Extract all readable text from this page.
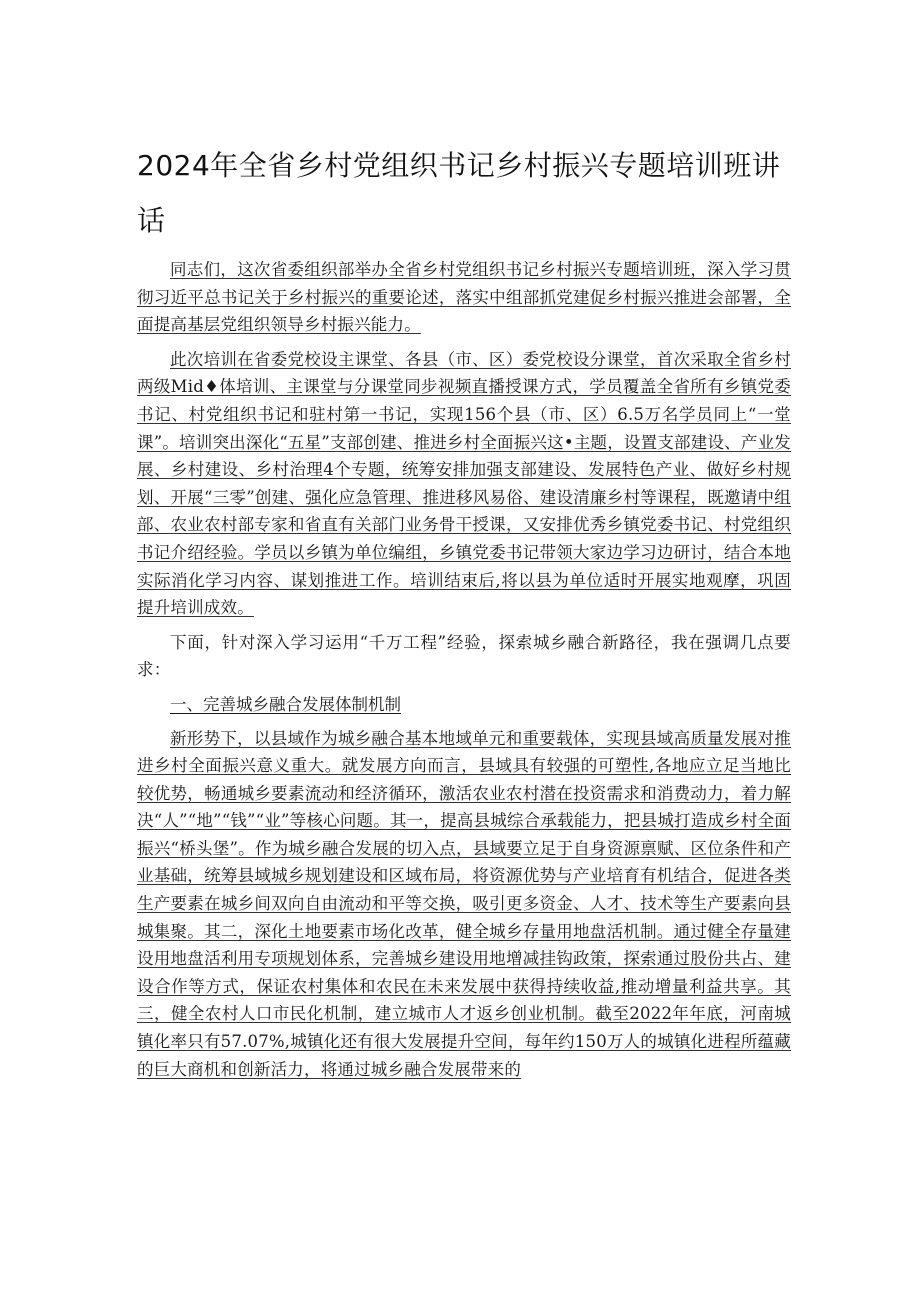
2024年全省乡村党组织书记乡村振兴专题培训班讲话

同志们，这次省委组织部举办全省乡村党组织书记乡村振兴专题培训班，深入学习贯彻习近平总书记关于乡村振兴的重要论述，落实中组部抓党建促乡村振兴推进会部署，全面提高基层党组织领导乡村振兴能力。

此次培训在省委党校设主课堂、各县（市、区）委党校设分课堂，首次采取全省乡村两级Mid♦体培训、主课堂与分课堂同步视频直播授课方式，学员覆盖全省所有乡镇党委书记、村党组织书记和驻村第一书记，实现156个县（市、区）6.5万名学员同上“一堂课”。培训突出深化“五星”支部创建、推进乡村全面振兴这•主题，设置支部建设、产业发展、乡村建设、乡村治理4个专题，统筹安排加强支部建设、发展特色产业、做好乡村规划、开展“三零”创建、强化应急管理、推进移风易俗、建设清廉乡村等课程，既邀请中组部、农业农村部专家和省直有关部门业务骨干授课，又安排优秀乡镇党委书记、村党组织书记介绍经验。学员以乡镇为单位编组，乡镇党委书记带领大家边学习边研讨，结合本地实际消化学习内容、谋划推进工作。培训结束后,将以县为单位适时开展实地观摩，巩固提升培训成效。

下面，针对深入学习运用“千万工程”经验，探索城乡融合新路径，我在强调几点要求：

一、完善城乡融合发展体制机制

新形势下，以县域作为城乡融合基本地域单元和重要载体，实现县域高质量发展对推进乡村全面振兴意义重大。就发展方向而言，县域具有较强的可塑性,各地应立足当地比较优势，畅通城乡要素流动和经济循环，激活农业农村潜在投资需求和消费动力，着力解决“人”“地”“钱”“业”等核心问题。其一，提高县城综合承载能力，把县城打造成乡村全面振兴“桥头堡”。作为城乡融合发展的切入点，县域要立足于自身资源禀赋、区位条件和产业基础，统筹县域城乡规划建设和区域布局，将资源优势与产业培育有机结合，促进各类生产要素在城乡间双向自由流动和平等交换，吸引更多资金、人才、技术等生产要素向县城集聚。其二，深化土地要素市场化改革，健全城乡存量用地盘活机制。通过健全存量建设用地盘活利用专项规划体系，完善城乡建设用地增减挂钩政策，探索通过股份共占、建设合作等方式，保证农村集体和农民在未来发展中获得持续收益,推动增量利益共享。其三，健全农村人口市民化机制，建立城市人才返乡创业机制。截至2022年年底，河南城镇化率只有57.07%,城镇化还有很大发展提升空间，每年约150万人的城镇化进程所蕴藏的巨大商机和创新活力，将通过城乡融合发展带来的
